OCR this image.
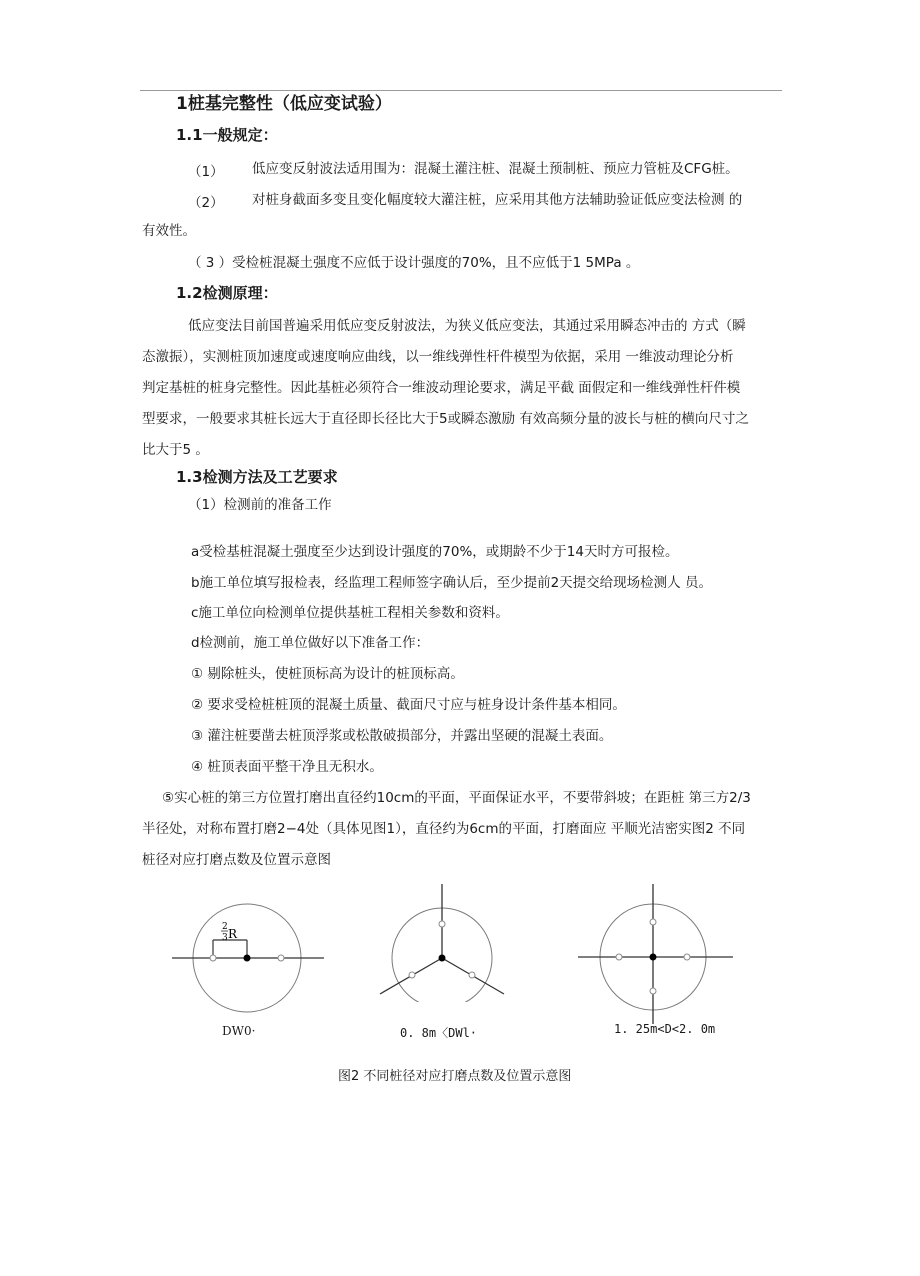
1桩基完整性（低应变试验）
1.1一般规定：
（1） 低应变反射波法适用围为：混凝土灌注桩、混凝土预制桩、预应力管桩及CFG桩。
（2） 对桩身截面多变且变化幅度较大灌注桩，应采用其他方法辅助验证低应变法检测 的
有效性。
（ 3 ）受检桩混凝土强度不应低于设计强度的70%，且不应低于1 5MPa 。
1.2检测原理：
低应变法目前国普遍采用低应变反射波法，为狭义低应变法，其通过采用瞬态冲击的 方式（瞬
态激振），实测桩顶加速度或速度响应曲线，以一维线弹性杆件模型为依据，采用 一维波动理论分析
判定基桩的桩身完整性。因此基桩必须符合一维波动理论要求，满足平截 面假定和一维线弹性杆件模
型要求，一般要求其桩长远大于直径即长径比大于5或瞬态激励 有效高频分量的波长与桩的横向尺寸之
比大于5 。
1.3检测方法及工艺要求
（1）检测前的准备工作
a受检基桩混凝土强度至少达到设计强度的70%，或期龄不少于14天时方可报检。
b施工单位填写报检表，经监理工程师签字确认后，至少提前2天提交给现场检测人 员。
c施工单位向检测单位提供基桩工程相关参数和资料。
d检测前，施工单位做好以下准备工作：
① 剔除桩头，使桩顶标高为设计的桩顶标高。
② 要求受检桩桩顶的混凝土质量、截面尺寸应与桩身设计条件基本相同。
③ 灌注桩要凿去桩顶浮浆或松散破损部分，并露出坚硬的混凝土表面。
④ 桩顶表面平整干净且无积水。
⑤实心桩的第三方位置打磨出直径约10cm的平面，平面保证水平，不要带斜坡；在距桩 第三方2/3
半径处，对称布置打磨2−4处（具体见图1），直径约为6cm的平面，打磨面应 平顺光洁密实图2 不同
桩径对应打磨点数及位置示意图
2
3 R
DW0·	0. 8m〈DWl·	1. 25m<D<2. 0m
图2 不同桩径对应打磨点数及位置示意图
